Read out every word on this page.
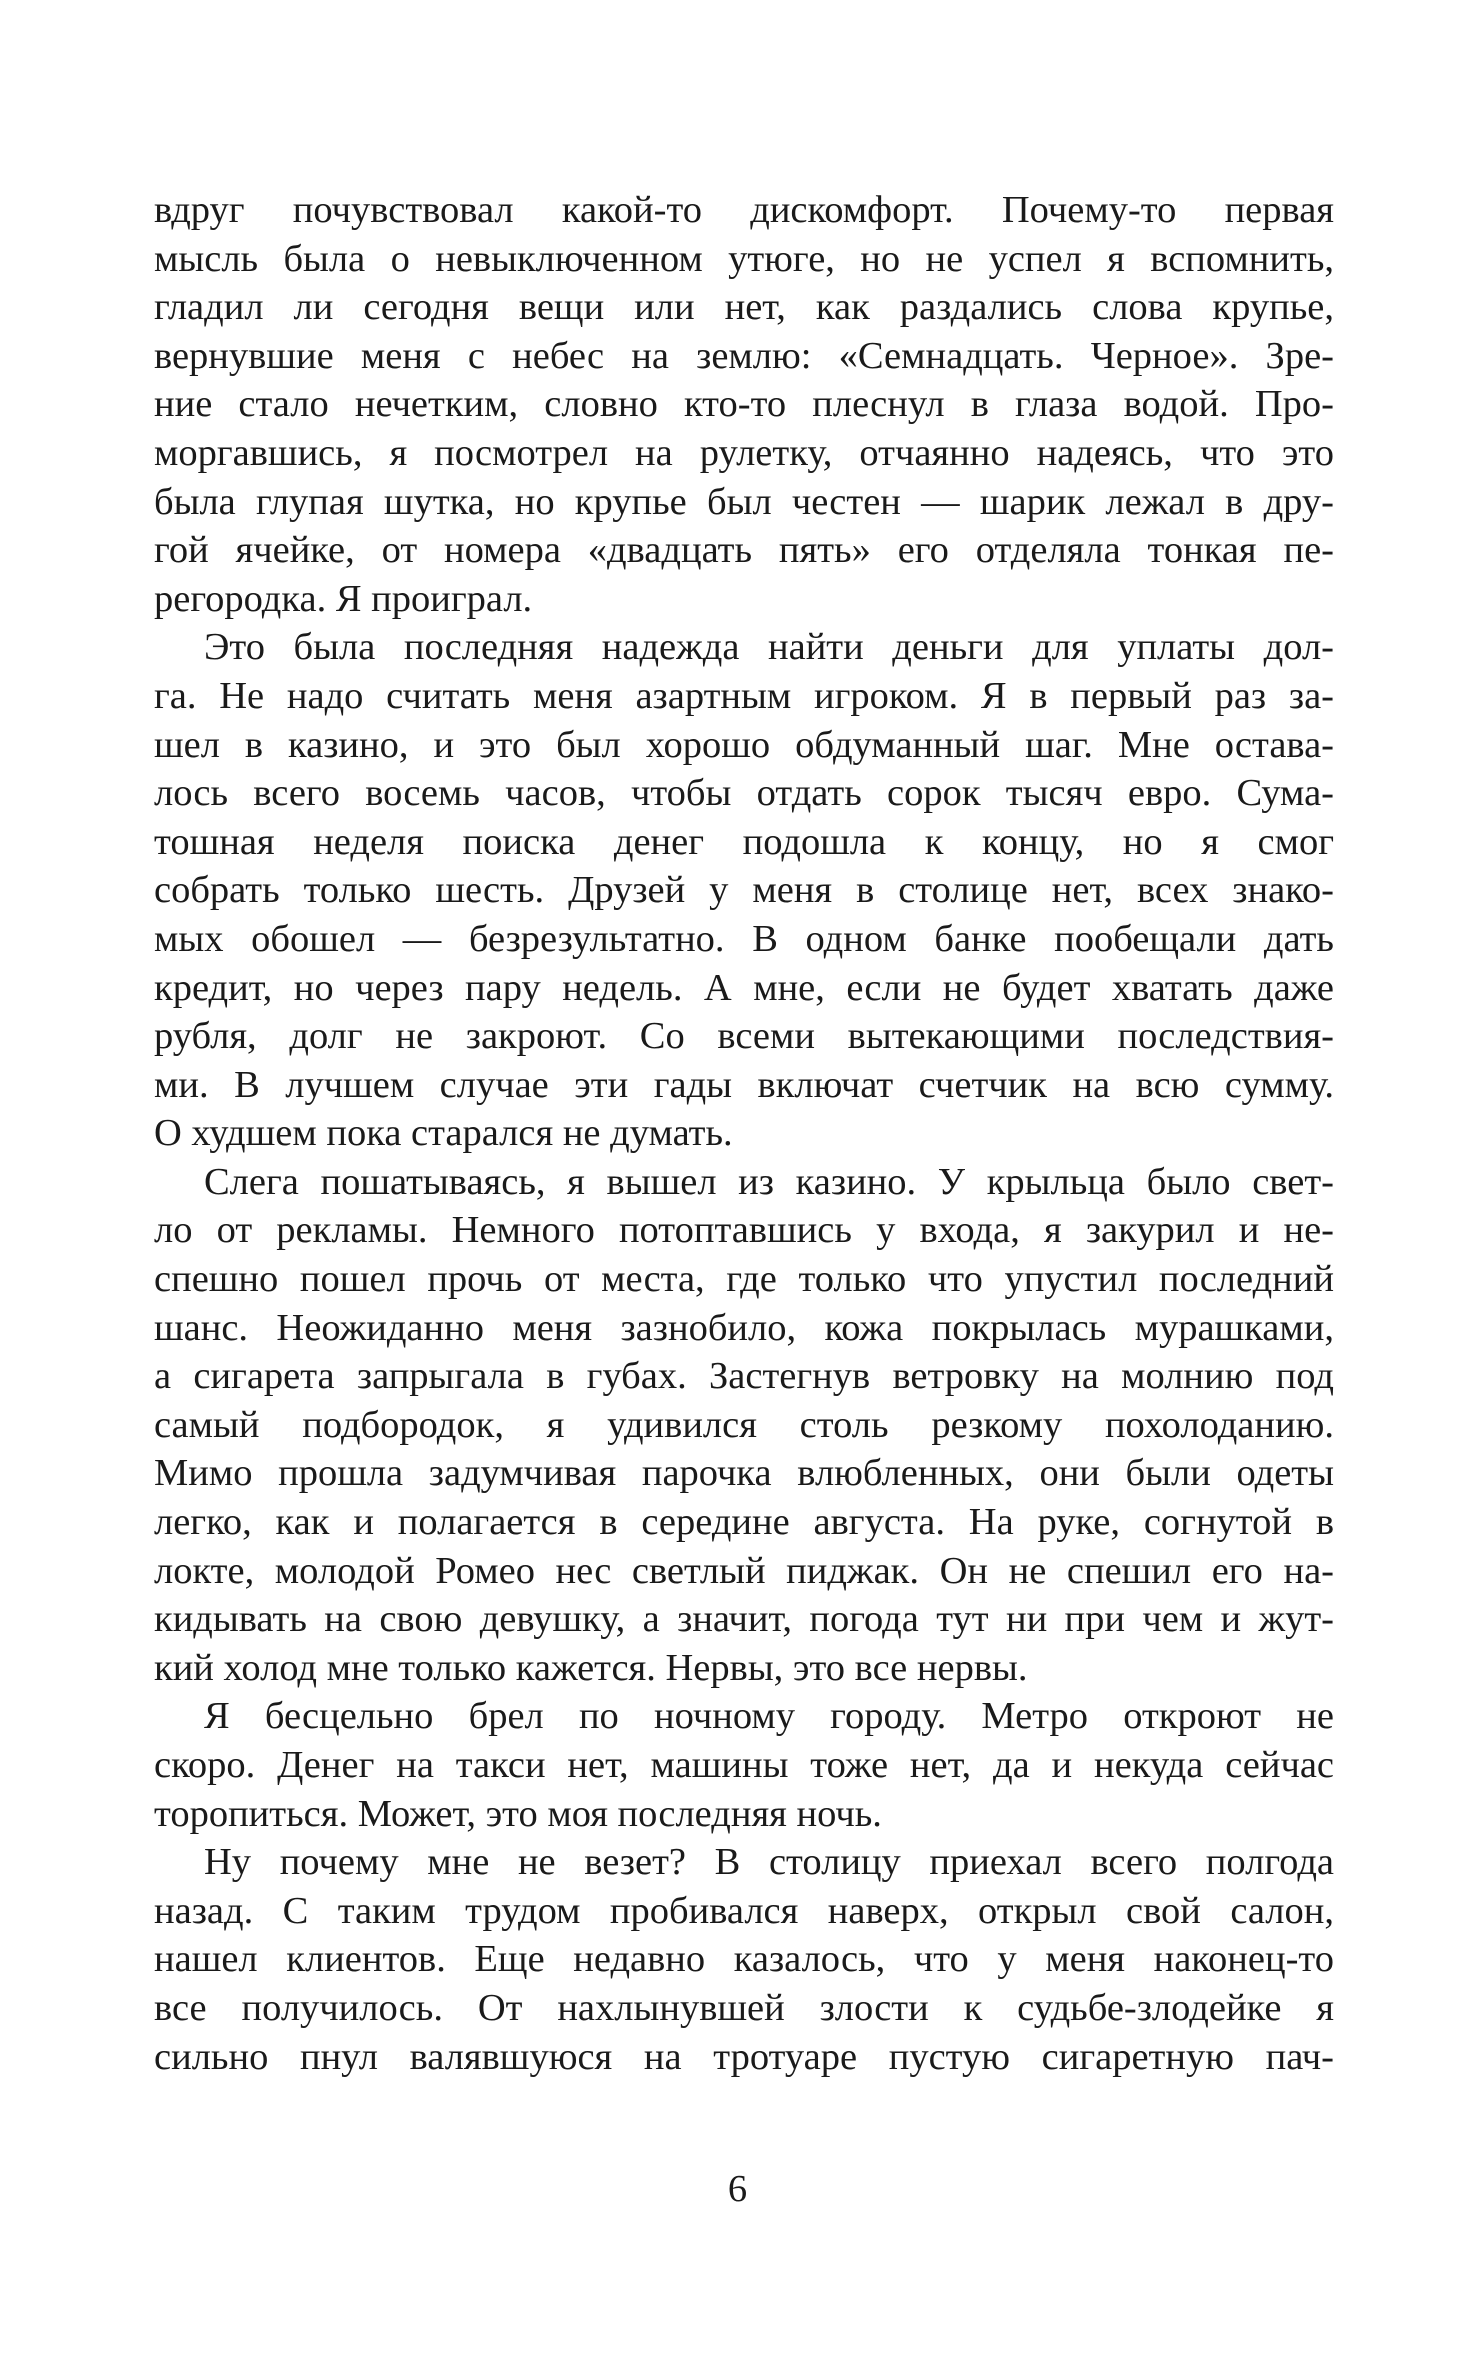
вдруг почувствовал какой-то дискомфорт. Почему-то первая
мысль была о невыключенном утюге, но не успел я вспомнить,
гладил ли сегодня вещи или нет, как раздались слова крупье,
вернувшие меня с небес на землю: «Семнадцать. Черное». Зре-
ние стало нечетким, словно кто-то плеснул в глаза водой. Про-
моргавшись, я посмотрел на рулетку, отчаянно надеясь, что это
была глупая шутка, но крупье был честен — шарик лежал в дру-
гой ячейке, от номера «двадцать пять» его отделяла тонкая пе-
регородка. Я проиграл.
Это была последняя надежда найти деньги для уплаты дол-
га. Не надо считать меня азартным игроком. Я в первый раз за-
шел в казино, и это был хорошо обдуманный шаг. Мне остава-
лось всего восемь часов, чтобы отдать сорок тысяч евро. Сума-
тошная неделя поиска денег подошла к концу, но я смог
собрать только шесть. Друзей у меня в столице нет, всех знако-
мых обошел — безрезультатно. В одном банке пообещали дать
кредит, но через пару недель. А мне, если не будет хватать даже
рубля, долг не закроют. Со всеми вытекающими последствия-
ми. В лучшем случае эти гады включат счетчик на всю сумму.
О худшем пока старался не думать.
Слега пошатываясь, я вышел из казино. У крыльца было свет-
ло от рекламы. Немного потоптавшись у входа, я закурил и не-
спешно пошел прочь от места, где только что упустил последний
шанс. Неожиданно меня зазнобило, кожа покрылась мурашками,
а сигарета запрыгала в губах. Застегнув ветровку на молнию под
самый подбородок, я удивился столь резкому похолоданию.
Мимо прошла задумчивая парочка влюбленных, они были одеты
легко, как и полагается в середине августа. На руке, согнутой в
локте, молодой Ромео нес светлый пиджак. Он не спешил его на-
кидывать на свою девушку, а значит, погода тут ни при чем и жут-
кий холод мне только кажется. Нервы, это все нервы.
Я бесцельно брел по ночному городу. Метро откроют не
скоро. Денег на такси нет, машины тоже нет, да и некуда сейчас
торопиться. Может, это моя последняя ночь.
Ну почему мне не везет? В столицу приехал всего полгода
назад. С таким трудом пробивался наверх, открыл свой салон,
нашел клиентов. Еще недавно казалось, что у меня наконец-то
все получилось. От нахлынувшей злости к судьбе-злодейке я
сильно пнул валявшуюся на тротуаре пустую сигаретную пач-
6
